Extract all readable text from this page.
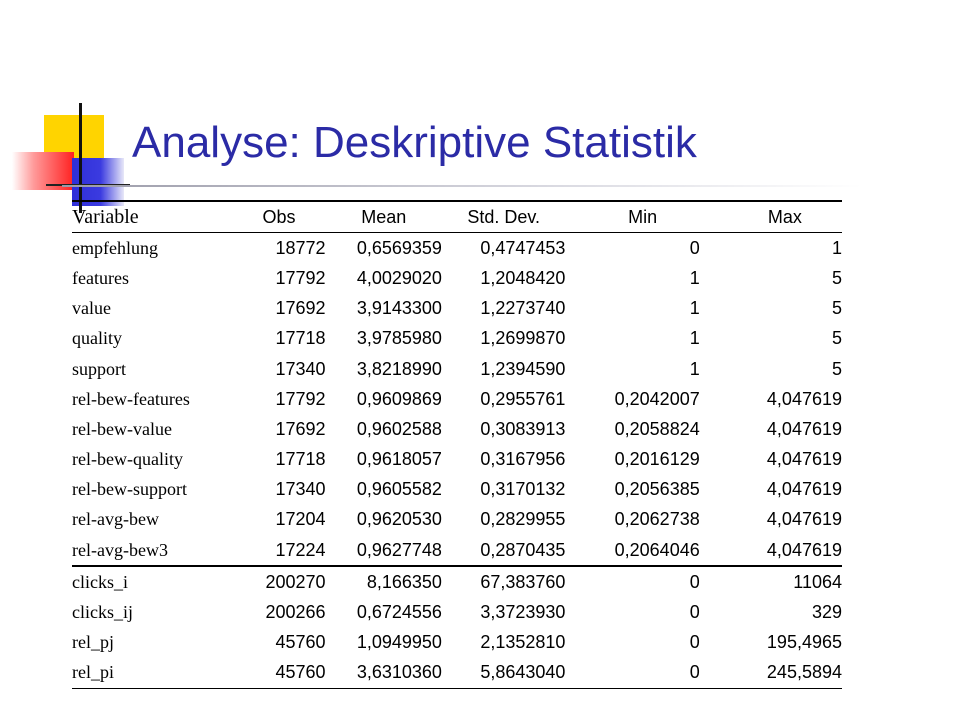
Analyse: Deskriptive Statistik
Variable	Obs	Mean	Std. Dev.	Min	Max
empfehlung	18772	0,6569359	0,4747453	0	1
features	17792	4,0029020	1,2048420	1	5
value	17692	3,9143300	1,2273740	1	5
quality	17718	3,9785980	1,2699870	1	5
support	17340	3,8218990	1,2394590	1	5
rel-bew-features	17792	0,9609869	0,2955761	0,2042007	4,047619
rel-bew-value	17692	0,9602588	0,3083913	0,2058824	4,047619
rel-bew-quality	17718	0,9618057	0,3167956	0,2016129	4,047619
rel-bew-support	17340	0,9605582	0,3170132	0,2056385	4,047619
rel-avg-bew	17204	0,9620530	0,2829955	0,2062738	4,047619
rel-avg-bew3	17224	0,9627748	0,2870435	0,2064046	4,047619
clicks_i	200270	8,166350	67,383760	0	11064
clicks_ij	200266	0,6724556	3,3723930	0	329
rel_pj	45760	1,0949950	2,1352810	0	195,4965
rel_pi	45760	3,6310360	5,8643040	0	245,5894
